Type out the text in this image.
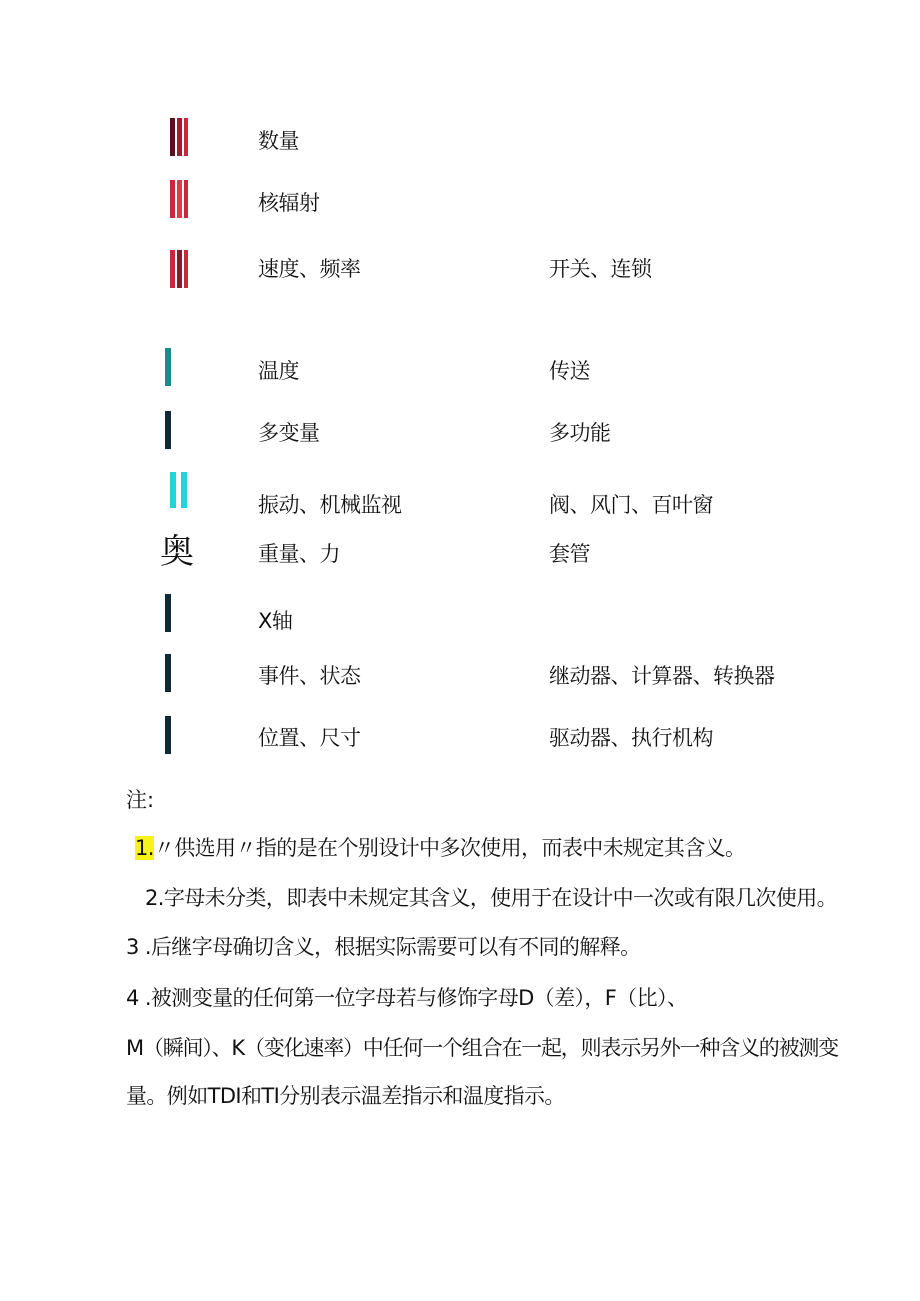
数量
核辐射
速度、频率	开关、连锁
温度	传送
多变量	多功能
振动、机械监视	阀、风门、百叶窗
奥	重量、力	套管
X轴
事件、状态	继动器、计算器、转换器
位置、尺寸	驱动器、执行机构
注:
1.〃供选用〃指的是在个别设计中多次使用，而表中未规定其含义。
2.字母未分类，即表中未规定其含义，使用于在设计中一次或有限几次使用。
3 .后继字母确切含义，根据实际需要可以有不同的解释。
4 .被测变量的任何第一位字母若与修饰字母D（差），F（比）、
M（瞬间）、K（变化速率）中任何一个组合在一起，则表示另外一种含义的被测变
量。例如TDI和TI分别表示温差指示和温度指示。
